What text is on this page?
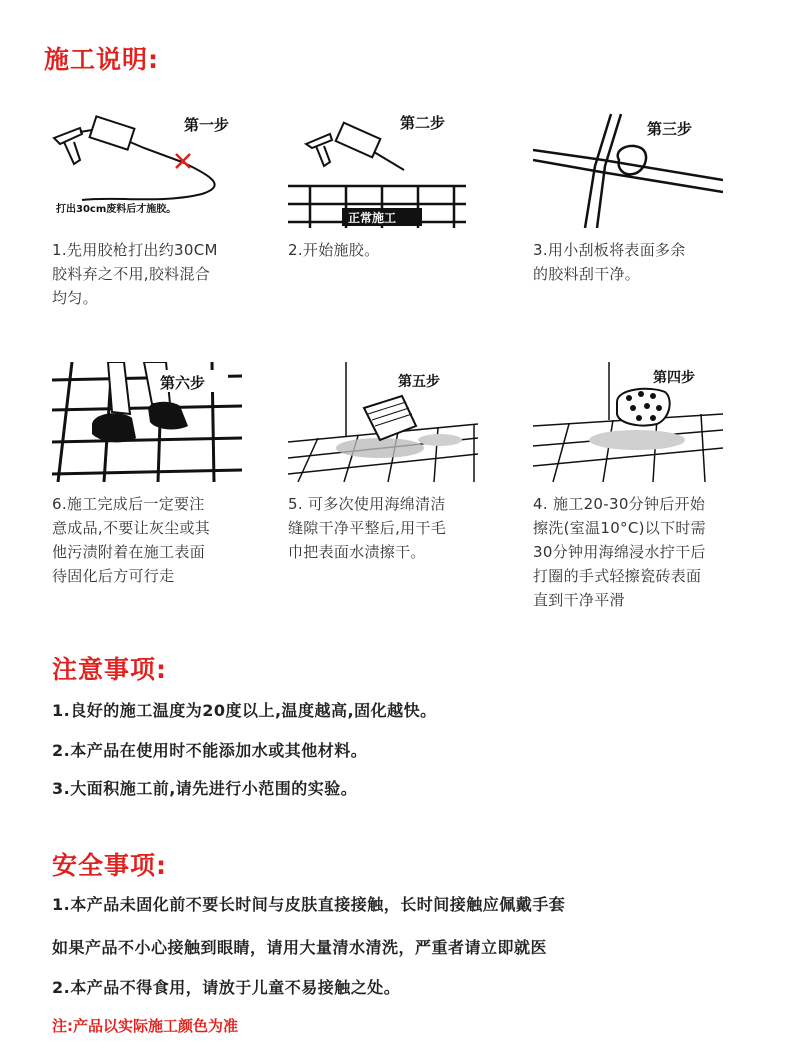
施工说明:
第一步
打出30cm废料后才施胶。
1.先用胶枪打出约30CM
胶料弃之不用,胶料混合
均匀。
正常施工
第二步
2.开始施胶。
第三步
3.用小刮板将表面多余
的胶料刮干净。
第六步
6.施工完成后一定要注
意成品,不要让灰尘或其
他污渍附着在施工表面
待固化后方可行走
第五步
5. 可多次使用海绵清洁
缝隙干净平整后,用干毛
巾把表面水渍擦干。
第四步
4. 施工20-30分钟后开始
擦洗(室温10°C)以下时需
30分钟用海绵浸水拧干后
打圈的手式轻擦瓷砖表面
直到干净平滑
注意事项:

1.良好的施工温度为20度以上,温度越高,固化越快。

2.本产品在使用时不能添加水或其他材料。

3.大面积施工前,请先进行小范围的实验。

安全事项:

1.本产品未固化前不要长时间与皮肤直接接触，长时间接触应佩戴手套

如果产品不小心接触到眼睛，请用大量清水清洗，严重者请立即就医

2.本产品不得食用，请放于儿童不易接触之处。

注:产品以实际施工颜色为准
